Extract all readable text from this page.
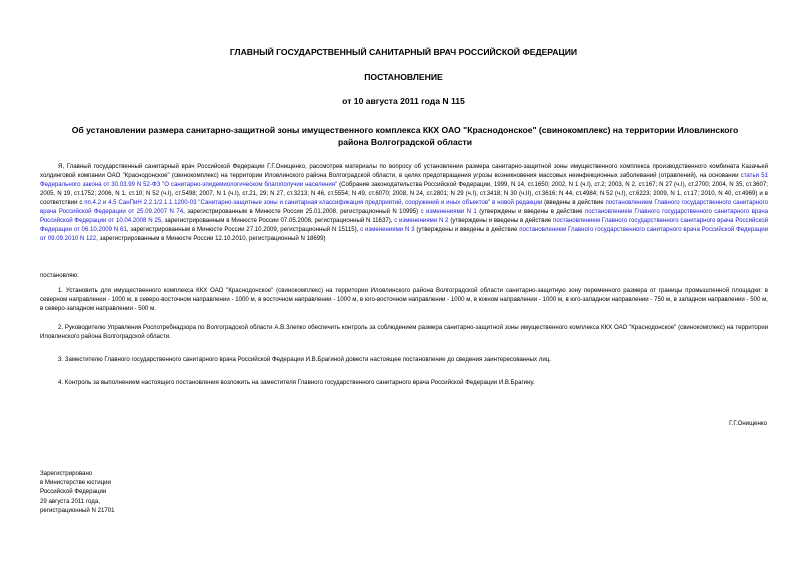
ГЛАВНЫЙ ГОСУДАРСТВЕННЫЙ САНИТАРНЫЙ ВРАЧ РОССИЙСКОЙ ФЕДЕРАЦИИ
ПОСТАНОВЛЕНИЕ
от 10 августа 2011 года N 115
Об установлении размера санитарно-защитной зоны имущественного комплекса ККХ ОАО "Краснодонское" (свинокомплекс) на территории Иловлинского района Волгоградской области
Я, Главный государственный санитарный врач Российской Федерации Г.Г.Онищенко, рассмотрев материалы по вопросу об установлении размера санитарно-защитной зоны имущественного комплекса производственного комбината Казачьей холдинговой компании ОАО "Краснодонское" (свинокомплекс) на территории Иловлинского района Волгоградской области, в целях предотвращения угрозы возникновения массовых неинфекционных заболеваний (отравлений), на основании статьи 51 Федерального закона от 30.03.99 N 52-ФЗ "О санитарно-эпидемиологическом благополучии населения" (Собрание законодательства Российской Федерации, 1999, N 14, ст.1650; 2002, N 1 (ч.I), ст.2; 2003, N 2, ст.167; N 27 (ч.I), ст.2700; 2004, N 35, ст.3607; 2005, N 19, ст.1752; 2006, N 1, ст.10; N 52 (ч.I), ст.5498; 2007, N 1 (ч.I), ст.21, 29; N 27, ст.3213; N 46, ст.5554; N 49, ст.6070; 2008, N 24, ст.2801; N 29 (ч.I), ст.3418; N 30 (ч.II), ст.3616; N 44, ст.4984; N 52 (ч.I), ст.6223; 2009, N 1, ст.17; 2010, N 40, ст.4969) и в соответствии с пп.4.2 и 4.5 СанПиН 2.2.1/2.1.1.1200-03 "Санитарно-защитные зоны и санитарная классификация предприятий, сооружений и иных объектов" в новой редакции (введены в действие постановлением Главного государственного санитарного врача Российской Федерации от 25.09.2007 N 74, зарегистрированным в Минюсте России 25.01.2008, регистрационный N 10995) с изменениями N 1 (утверждены и введены в действие постановлением Главного государственного санитарного врача Российской Федерации от 10.04.2008 N 25, зарегистрированным в Минюсте России 07.05.2008, регистрационный N 11637), с изменениями N 2 (утверждены и введены в действие постановлением Главного государственного санитарного врача Российской Федерации от 06.10.2009 N 61, зарегистрированным в Минюсте России 27.10.2009, регистрационный N 15115), с изменениями N 3 (утверждены и введены в действие постановлением Главного государственного санитарного врача Российской Федерации от 09.09.2010 N 122, зарегистрированным в Минюсте России 12.10.2010, регистрационный N 18699)
постановляю:
1. Установить для имущественного комплекса ККХ ОАО "Краснодонское" (свинокомплекс) на территории Иловлинского района Волгоградской области санитарно-защитную зону переменного размера от границы промышленной площадки: в северном направлении - 1000 м, в северо-восточном направлении - 1000 м, в восточном направлении - 1000 м, в юго-восточном направлении - 1000 м, в южном направлении - 1000 м, в юго-западном направлении - 750 м, в западном направлении - 500 м, в северо-западном направлении - 500 м.
2. Руководителю Управления Роспотребнадзора по Волгоградской области А.В.Злепко обеспечить контроль за соблюдением размера санитарно-защитной зоны имущественного комплекса ККХ ОАО "Краснодонское" (свинокомплекс) на территории Иловлинского района Волгоградской области.
3. Заместителю Главного государственного санитарного врача Российской Федерации И.В.Брагиной довести настоящее постановление до сведения заинтересованных лиц.
4. Контроль за выполнением настоящего постановления возложить на заместителя Главного государственного санитарного врача Российской Федерации И.В.Брагину.
Г.Г.Онищенко
Зарегистрировано
в Министерстве юстиции
Российской Федерации
29 августа 2011 года,
регистрационный N 21701
